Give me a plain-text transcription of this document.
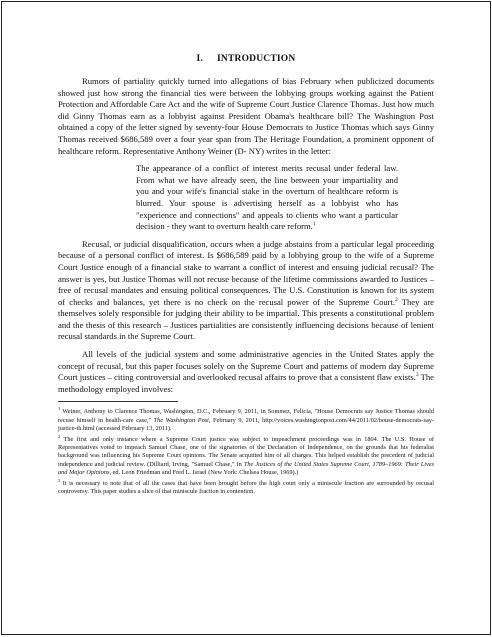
I. INTRODUCTION

Rumors of partiality quickly turned into allegations of bias February when publicized documents showed just how strong the financial ties were between the lobbying groups working against the Patient Protection and Affordable Care Act and the wife of Supreme Court Justice Clarence Thomas. Just how much did Ginny Thomas earn as a lobbyist against President Obama's healthcare bill? The Washington Post obtained a copy of the letter signed by seventy-four House Democrats to Justice Thomas which says Ginny Thomas received $686,589 over a four year span from The Heritage Foundation, a prominent opponent of healthcare reform. Representative Anthony Weiner (D- NY) writes in the letter:

The appearance of a conflict of interest merits recusal under federal law. From what we have already seen, the line between your impartiality and you and your wife's financial stake in the overturn of healthcare reform is blurred. Your spouse is advertising herself as a lobbyist who has "experience and connections" and appeals to clients who want a particular decision - they want to overturn health care reform.$^1$

Recusal, or judicial disqualification, occurs when a judge abstains from a particular legal proceeding because of a personal conflict of interest. Is $686,589 paid by a lobbying group to the wife of a Supreme Court Justice enough of a financial stake to warrant a conflict of interest and ensuing judicial recusal? The answer is yes, but Justice Thomas will not recuse because of the lifetime commissions awarded to Justices – free of recusal mandates and ensuing political consequences. The U.S. Constitution is known for its system of checks and balances, yet there is no check on the recusal power of the Supreme Court.$^2$ They are themselves solely responsible for judging their ability to be impartial. This presents a constitutional problem and the thesis of this research – Justices partialities are consistently influencing decisions because of lenient recusal standards in the Supreme Court.

All levels of the judicial system and some administrative agencies in the United States apply the concept of recusal, but this paper focuses solely on the Supreme Court and patterns of modern day Supreme Court justices – citing controversial and overlooked recusal affairs to prove that a consistent flaw exists.$^3$ The methodology employed involves:

$^1$ Weiner, Anthony to Clarence Thomas, Washington, D.C., February 9, 2011, in Sommez, Felicia, "House Democrats say Justice Thomas should recuse himself in health-care case," The Washington Post, February 9, 2011, http://voices.washingtonpost.com/44/2011/02/house-democrats-say-justice-th.html (accessed February 13, 2011).
$^2$ The first and only instance where a Supreme Court justice was subject to impeachment proceedings was in 1804. The U.S. House of Representatives voted to impeach Samuel Chase, one of the signatories of the Declaration of Independence, on the grounds that his federalist background was influencing his Supreme Court opinions. The Senate acquitted him of all charges. This helped establish the precedent of judicial independence and judicial review. (Dilliard, Irving, "Samuel Chase," In The Justices of the United States Supreme Court, 1789–1969: Their Lives and Major Opinions, ed. Leon Friedman and Fred L. Israel (New York: Chelsea House, 1969).)
$^3$ It is necessary to note that of all the cases that have been brought before the high court only a miniscule fraction are surrounded by recusal controversy. This paper studies a slice of that miniscule fraction in contention.
